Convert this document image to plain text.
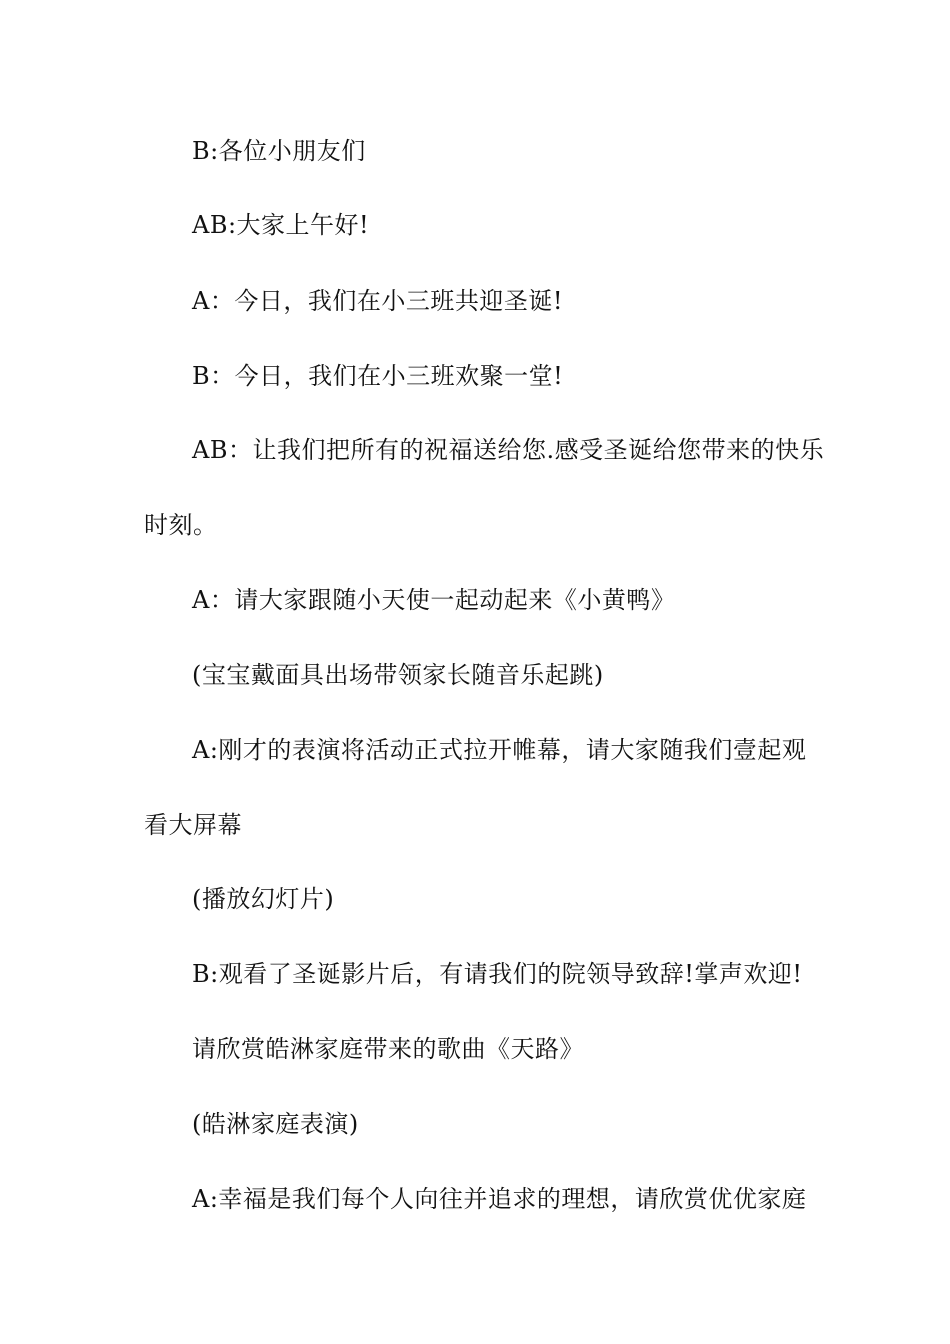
B:各位小朋友们
AB:大家上午好!
A：今日，我们在小三班共迎圣诞!
B：今日，我们在小三班欢聚一堂!
AB：让我们把所有的祝福送给您.感受圣诞给您带来的快乐
时刻。
A：请大家跟随小天使一起动起来《小黄鸭》
(宝宝戴面具出场带领家长随音乐起跳)
A:刚才的表演将活动正式拉开帷幕，请大家随我们壹起观
看大屏幕
(播放幻灯片)
B:观看了圣诞影片后，有请我们的院领导致辞!掌声欢迎!
请欣赏皓淋家庭带来的歌曲《天路》
(皓淋家庭表演)
A:幸福是我们每个人向往并追求的理想，请欣赏优优家庭
